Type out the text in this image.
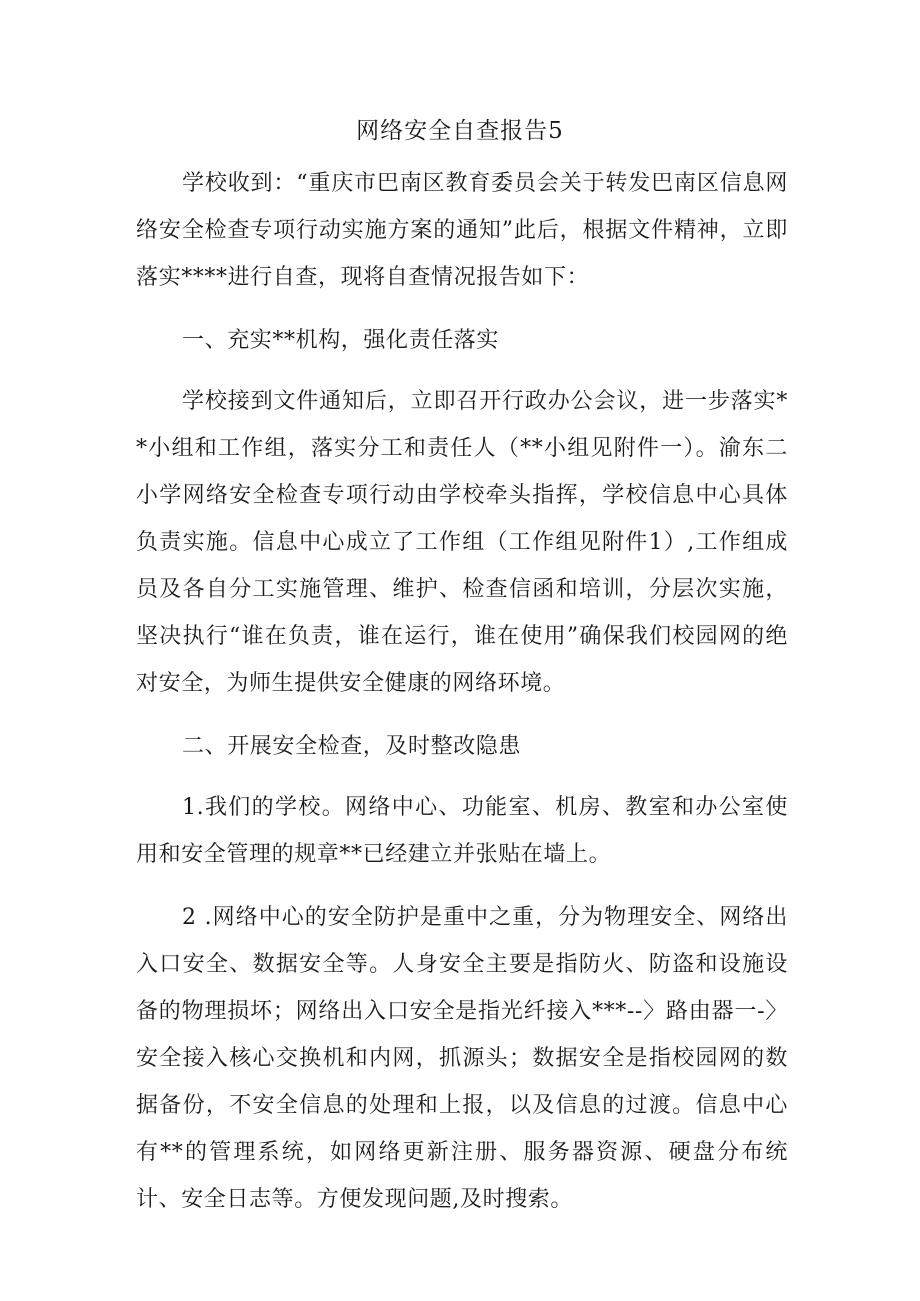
网络安全自查报告5

学校收到：“重庆市巴南区教育委员会关于转发巴南区信息网络安全检查专项行动实施方案的通知”此后，根据文件精神，立即落实****进行自查，现将自查情况报告如下：

一、充实**机构，强化责任落实

学校接到文件通知后，立即召开行政办公会议，进一步落实**小组和工作组，落实分工和责任人（**小组见附件一）。渝东二小学网络安全检查专项行动由学校牵头指挥，学校信息中心具体负责实施。信息中心成立了工作组（工作组见附件1）,工作组成员及各自分工实施管理、维护、检查信函和培训，分层次实施，坚决执行“谁在负责，谁在运行，谁在使用”确保我们校园网的绝对安全，为师生提供安全健康的网络环境。

二、开展安全检查，及时整改隐患

1.我们的学校。网络中心、功能室、机房、教室和办公室使用和安全管理的规章**已经建立并张贴在墙上。

2 .网络中心的安全防护是重中之重，分为物理安全、网络出入口安全、数据安全等。人身安全主要是指防火、防盗和设施设备的物理损坏；网络出入口安全是指光纤接入***--〉路由器一-〉安全接入核心交换机和内网，抓源头；数据安全是指校园网的数据备份，不安全信息的处理和上报，以及信息的过渡。信息中心有**的管理系统，如网络更新注册、服务器资源、硬盘分布统计、安全日志等。方便发现问题,及时搜索。
